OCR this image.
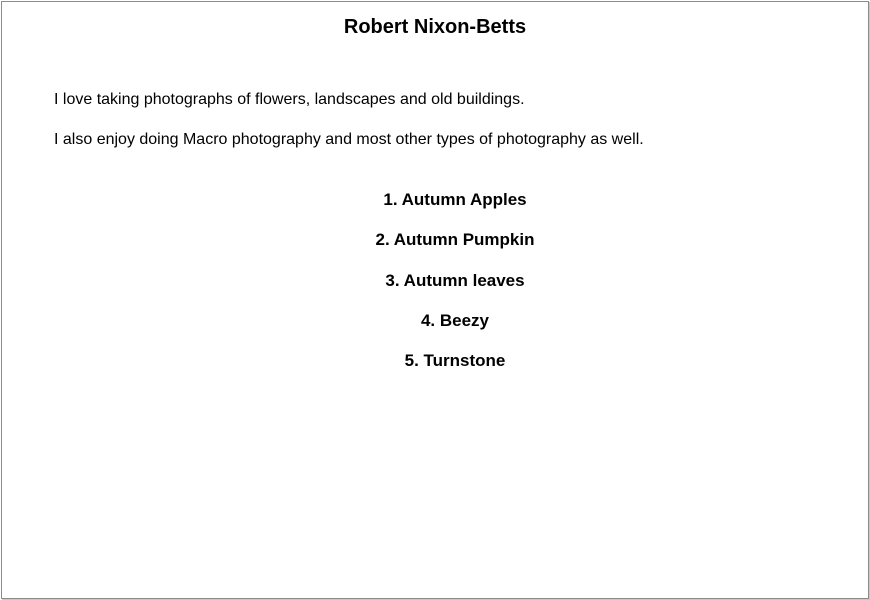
Robert Nixon-Betts
I love taking photographs of flowers, landscapes and old buildings.
I also enjoy doing Macro photography and most other types of photography as well.
1. Autumn Apples
2. Autumn Pumpkin
3. Autumn leaves
4. Beezy
5. Turnstone
